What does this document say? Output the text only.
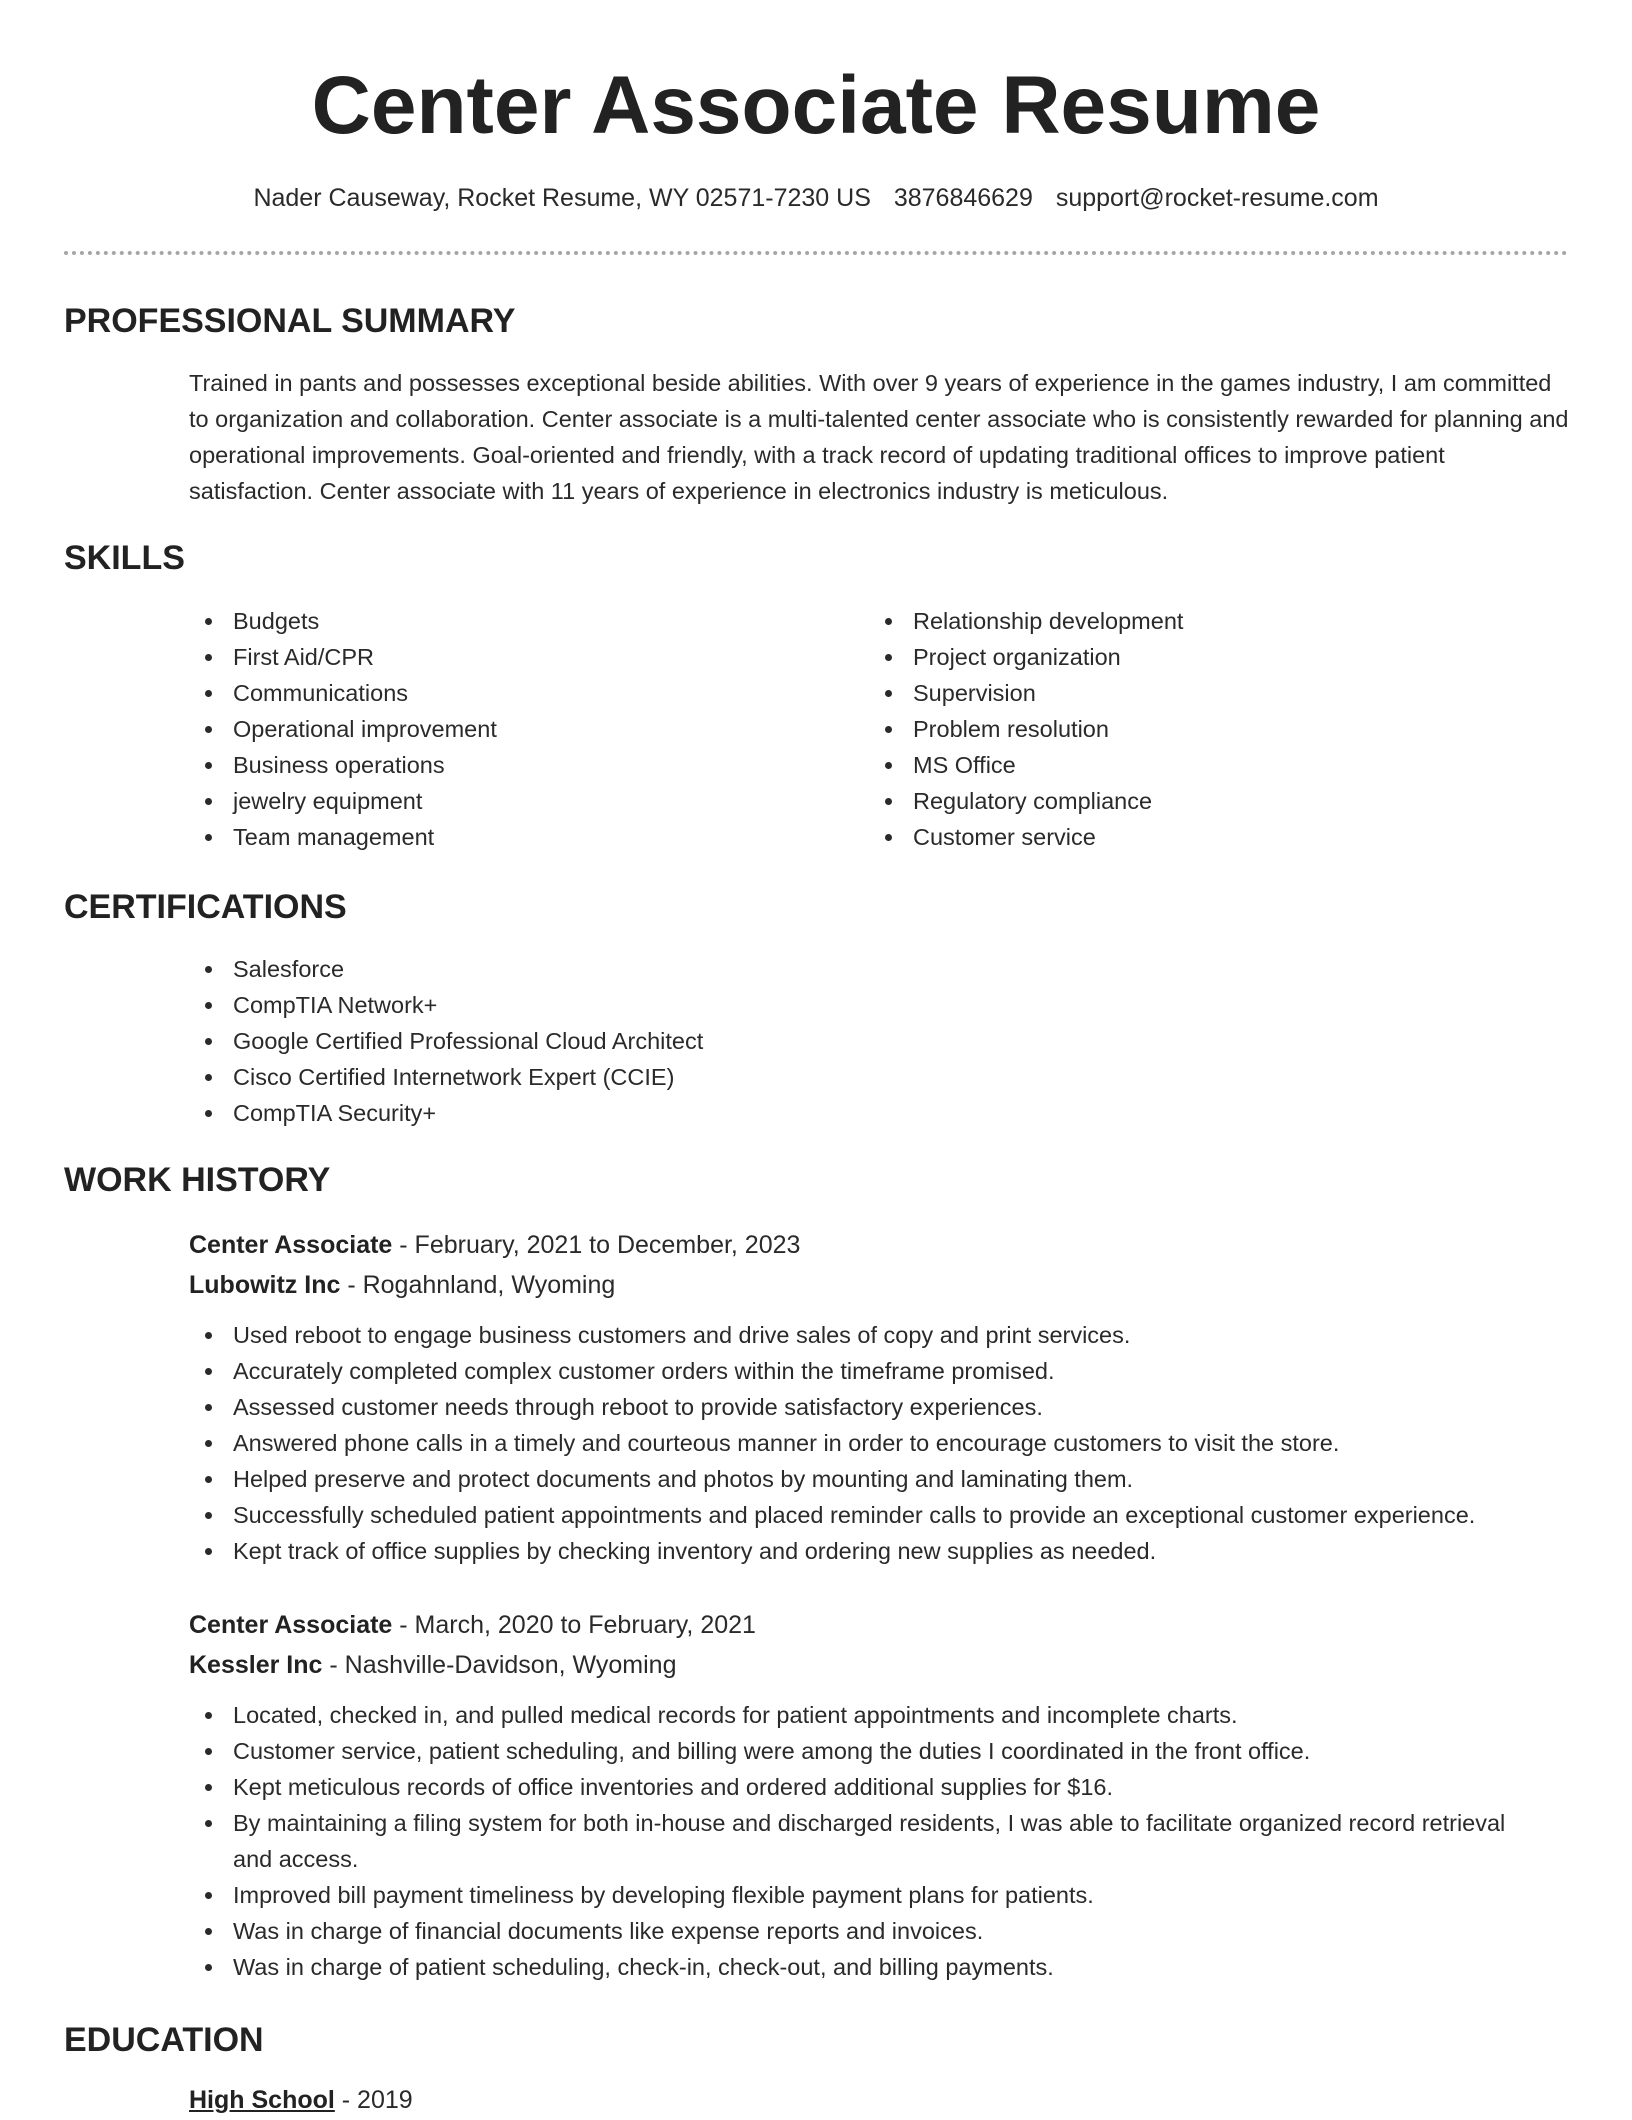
Center Associate Resume
Nader Causeway, Rocket Resume, WY 02571-7230 US 3876846629 support@rocket-resume.com
PROFESSIONAL SUMMARY

Trained in pants and possesses exceptional beside abilities. With over 9 years of experience in the games industry, I am committed to organization and collaboration. Center associate is a multi-talented center associate who is consistently rewarded for planning and operational improvements. Goal-oriented and friendly, with a track record of updating traditional offices to improve patient satisfaction. Center associate with 11 years of experience in electronics industry is meticulous.

SKILLS
Budgets
First Aid/CPR
Communications
Operational improvement
Business operations
jewelry equipment
Team management
Relationship development
Project organization
Supervision
Problem resolution
MS Office
Regulatory compliance
Customer service
CERTIFICATIONS
Salesforce
CompTIA Network+
Google Certified Professional Cloud Architect
Cisco Certified Internetwork Expert (CCIE)
CompTIA Security+
WORK HISTORY
Center Associate - February, 2021 to December, 2023
Lubowitz Inc - Rogahnland, Wyoming
Used reboot to engage business customers and drive sales of copy and print services.
Accurately completed complex customer orders within the timeframe promised.
Assessed customer needs through reboot to provide satisfactory experiences.
Answered phone calls in a timely and courteous manner in order to encourage customers to visit the store.
Helped preserve and protect documents and photos by mounting and laminating them.
Successfully scheduled patient appointments and placed reminder calls to provide an exceptional customer experience.
Kept track of office supplies by checking inventory and ordering new supplies as needed.
Center Associate - March, 2020 to February, 2021
Kessler Inc - Nashville-Davidson, Wyoming
Located, checked in, and pulled medical records for patient appointments and incomplete charts.
Customer service, patient scheduling, and billing were among the duties I coordinated in the front office.
Kept meticulous records of office inventories and ordered additional supplies for $16.
By maintaining a filing system for both in-house and discharged residents, I was able to facilitate organized record retrieval and access.
Improved bill payment timeliness by developing flexible payment plans for patients.
Was in charge of financial documents like expense reports and invoices.
Was in charge of patient scheduling, check-in, check-out, and billing payments.
EDUCATION
High School - 2019
